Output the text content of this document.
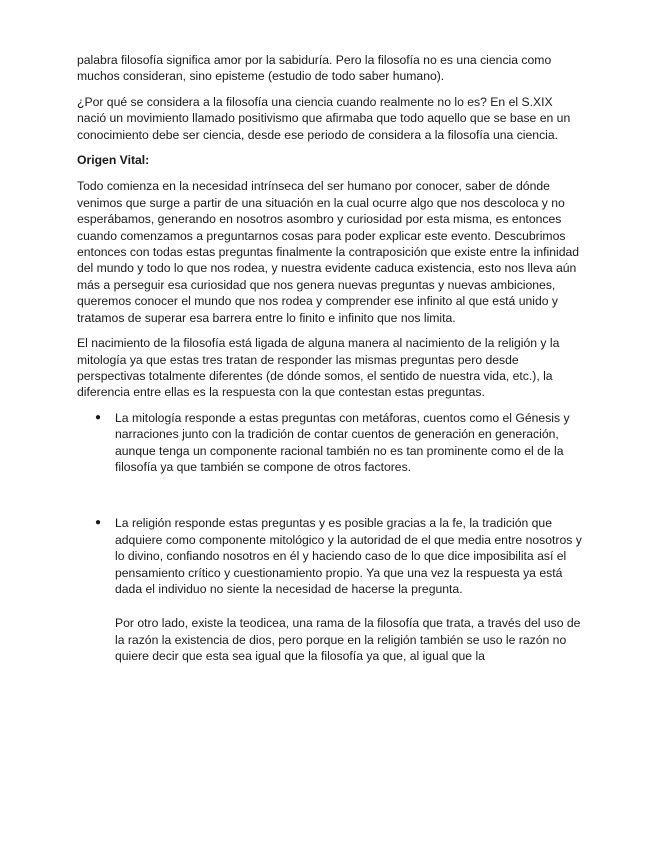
palabra filosofía significa amor por la sabiduría. Pero la filosofía no es una ciencia como muchos consideran, sino episteme (estudio de todo saber humano).

¿Por qué se considera a la filosofía una ciencia cuando realmente no lo es? En el S.XIX nació un movimiento llamado positivismo que afirmaba que todo aquello que se base en un conocimiento debe ser ciencia, desde ese periodo de considera a la filosofía una ciencia.

Origen Vital:

Todo comienza en la necesidad intrínseca del ser humano por conocer, saber de dónde venimos que surge a partir de una situación en la cual ocurre algo que nos descoloca y no esperábamos, generando en nosotros asombro y curiosidad por esta misma, es entonces cuando comenzamos a preguntarnos cosas para poder explicar este evento. Descubrimos entonces con todas estas preguntas finalmente la contraposición que existe entre la infinidad del mundo y todo lo que nos rodea, y nuestra evidente caduca existencia, esto nos lleva aún más a perseguir esa curiosidad que nos genera nuevas preguntas y nuevas ambiciones, queremos conocer el mundo que nos rodea y comprender ese infinito al que está unido y tratamos de superar esa barrera entre lo finito e infinito que nos limita.

El nacimiento de la filosofía está ligada de alguna manera al nacimiento de la religión y la mitología ya que estas tres tratan de responder las mismas preguntas pero desde perspectivas totalmente diferentes (de dónde somos, el sentido de nuestra vida, etc.), la diferencia entre ellas es la respuesta con la que contestan estas preguntas.

● La mitología responde a estas preguntas con metáforas, cuentos como el Génesis y narraciones junto con la tradición de contar cuentos de generación en generación, aunque tenga un componente racional también no es tan prominente como el de la filosofía ya que también se compone de otros factores.
● La religión responde estas preguntas y es posible gracias a la fe, la tradición que adquiere como componente mitológico y la autoridad de el que media entre nosotros y lo divino, confiando nosotros en él y haciendo caso de lo que dice imposibilita así el pensamiento crítico y cuestionamiento propio. Ya que una vez la respuesta ya está dada el individuo no siente la necesidad de hacerse la pregunta.
Por otro lado, existe la teodicea, una rama de la filosofía que trata, a través del uso de la razón la existencia de dios, pero porque en la religión también se uso le razón no quiere decir que esta sea igual que la filosofía ya que, al igual que la
